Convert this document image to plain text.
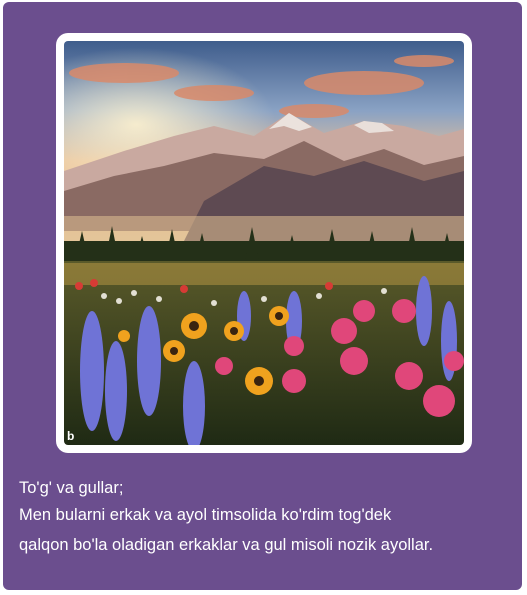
b
To'g' va gullar;
Men bularni erkak va ayol timsolida ko'rdim tog'dek
qalqon bo'la oladigan erkaklar va gul misoli nozik ayollar.
